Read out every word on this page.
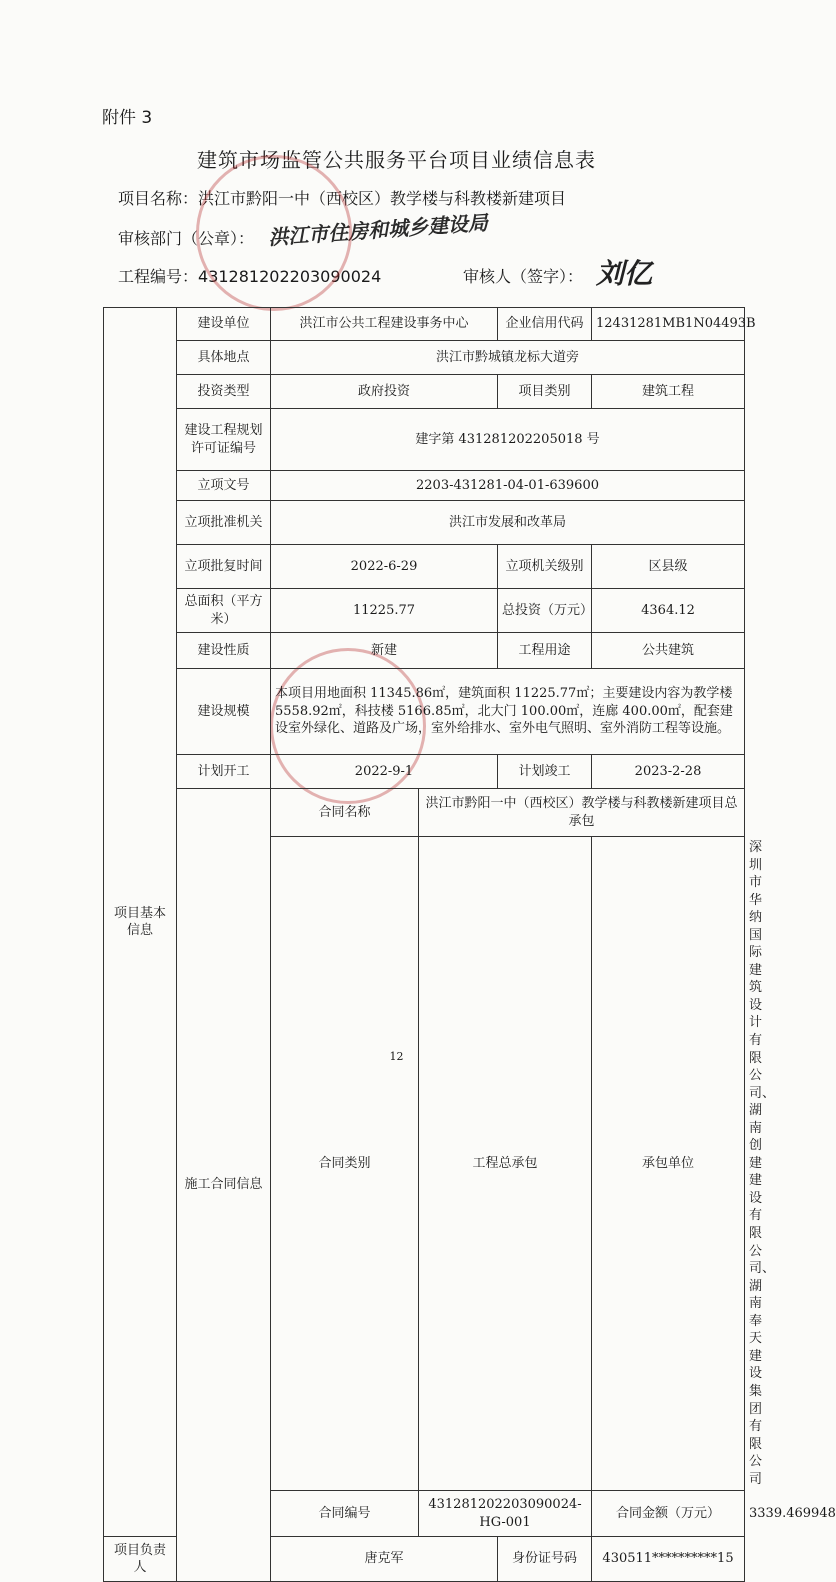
附件 3
建筑市场监管公共服务平台项目业绩信息表
项目名称：洪江市黔阳一中（西校区）教学楼与科教楼新建项目
审核部门（公章）： 洪江市住房和城乡建设局
工程编号：431281202203090024	审核人（签字）： 刘亿
项目基本信息	建设单位	洪江市公共工程建设事务中心		企业信用代码	12431281MB1N04493B	
	具体地点	洪江市黔城镇龙标大道旁				
	投资类型	政府投资		项目类别	建筑工程	
	建设工程规划许可证编号	建字第 431281202205018 号				
	立项文号	2203-431281-04-01-639600				
	立项批准机关	洪江市发展和改革局				
	立项批复时间	2022-6-29		立项机关级别	区县级	
	总面积（平方米）	11225.77		总投资（万元）	4364.12	
	建设性质	新建		工程用途	公共建筑	
	建设规模	本项目用地面积 11345.86㎡，建筑面积 11225.77㎡；主要建设内容为教学楼 5558.92㎡，科技楼 5166.85㎡，北大门 100.00㎡，连廊 400.00㎡，配套建设室外绿化、道路及广场，室外给排水、室外电气照明、室外消防工程等设施。				
	计划开工	2022-9-1		计划竣工	2023-2-28	
	施工合同信息	合同名称	洪江市黔阳一中（西校区）教学楼与科教楼新建项目总承包			
		合同类别	工程总承包		承包单位	深圳市华纳国际建筑设计有限公司、湖南创建建设有限公司、湖南奉天建设集团有限公司
		合同编号	431281202203090024-HG-001		合同金额（万元）	3339.469948
项目负责人		唐克军		身份证号码	430511**********15	
12
